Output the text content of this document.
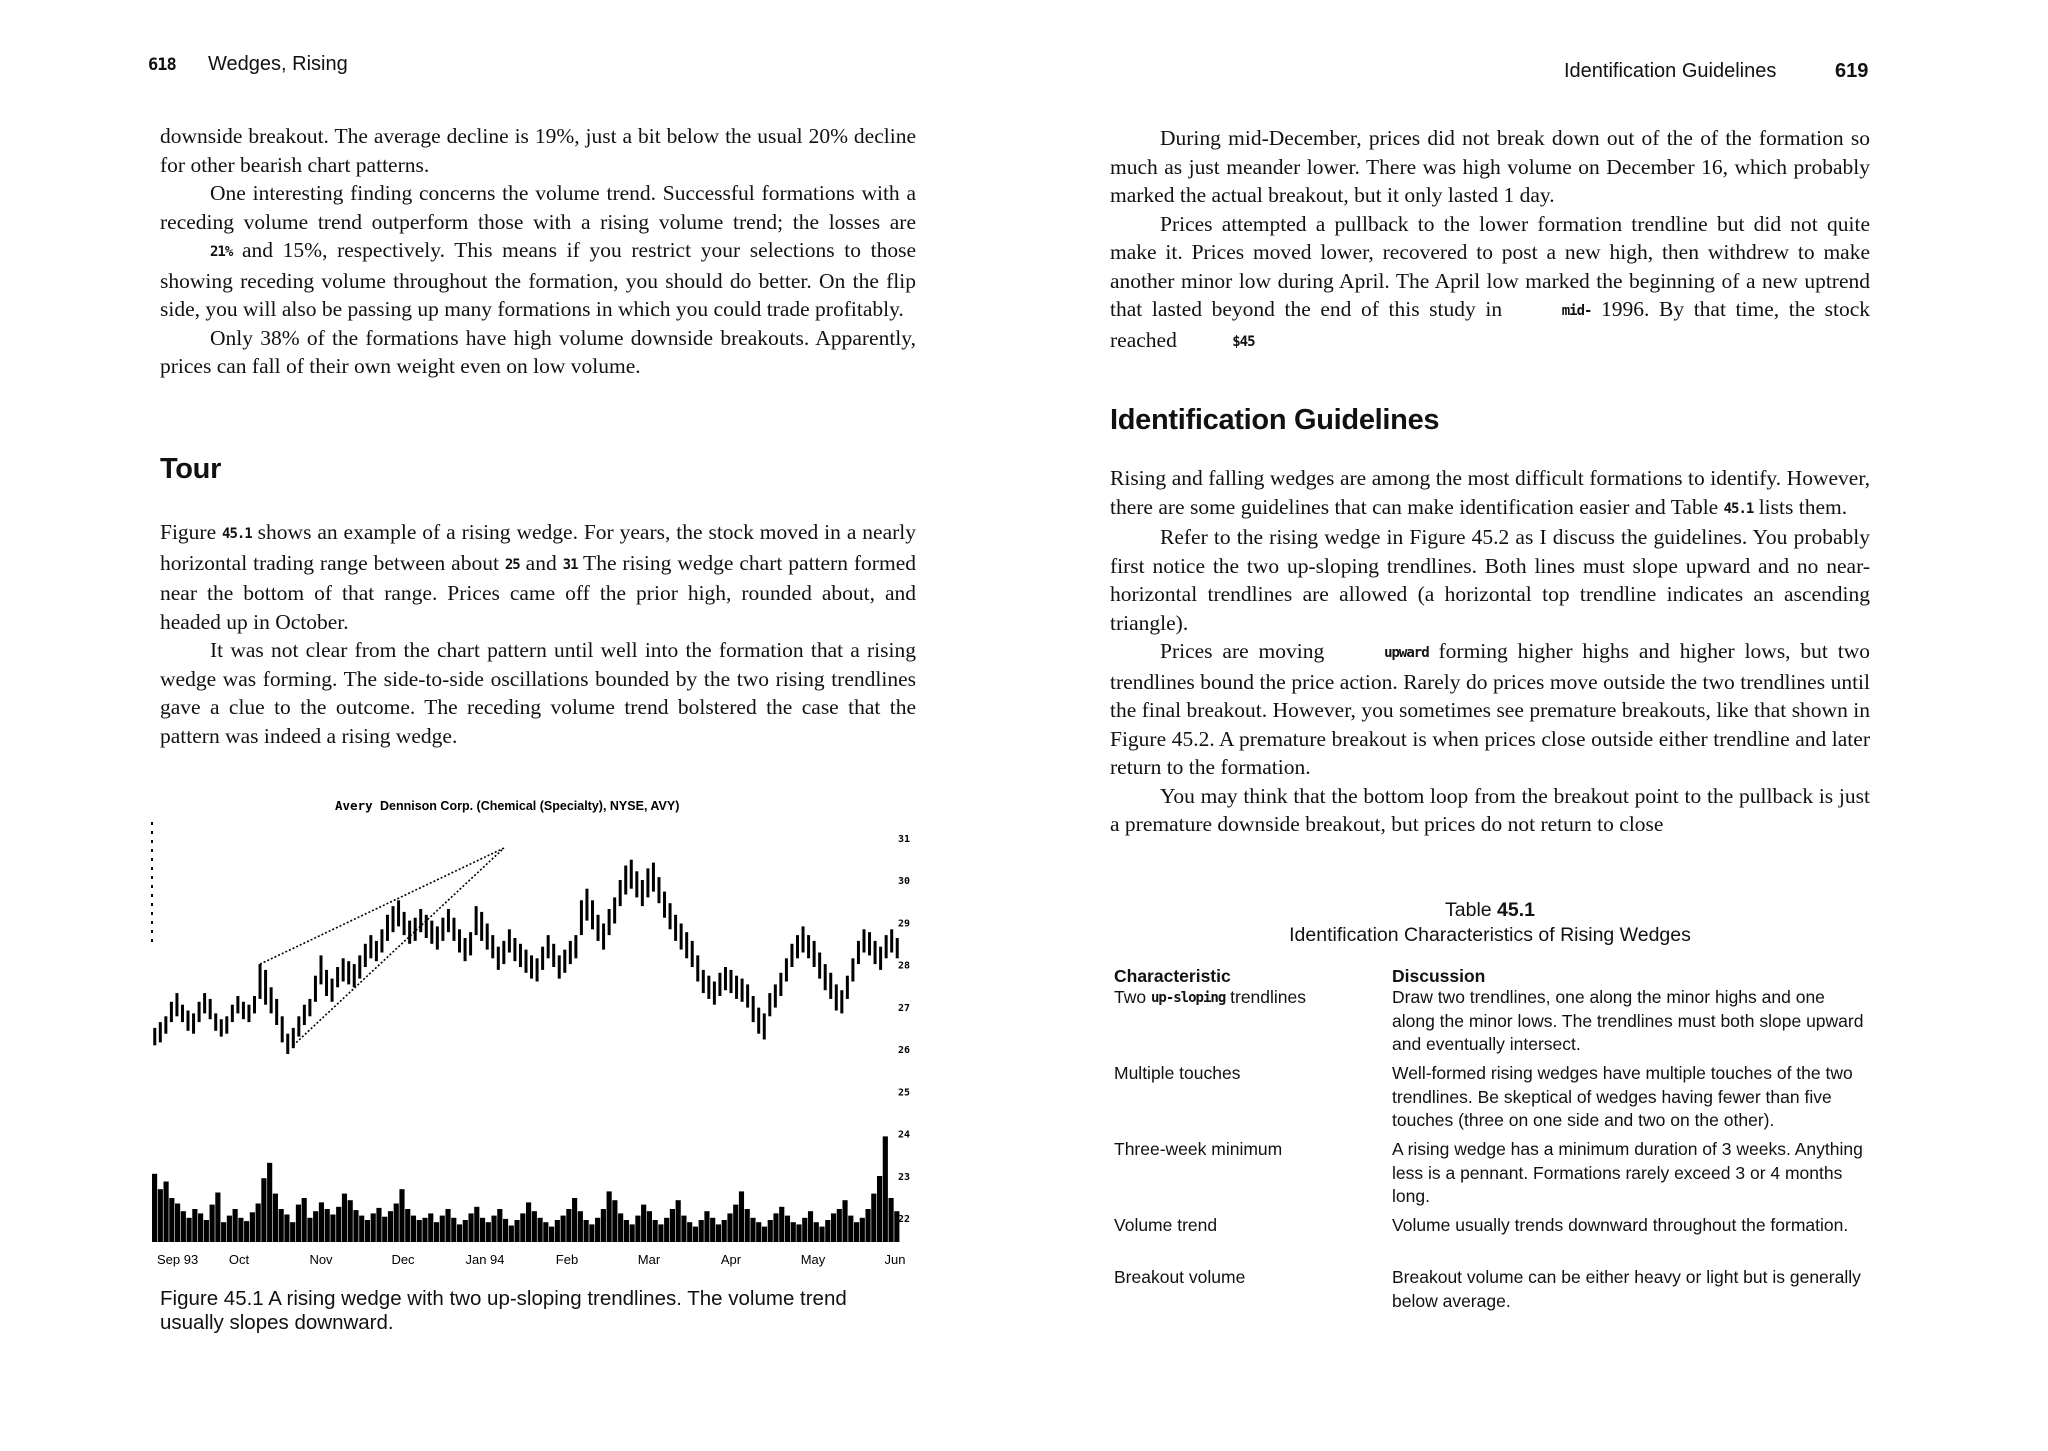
618 Wedges, Rising

downside breakout. The average decline is 19%, just a bit below the usual 20% decline for other bearish chart patterns.

One interesting finding concerns the volume trend. Successful formations with a receding volume trend outperform those with a rising volume trend; the losses are 21% and 15%, respectively. This means if you restrict your selections to those showing receding volume throughout the formation, you should do better. On the flip side, you will also be passing up many formations in which you could trade profitably.

Only 38% of the formations have high volume downside breakouts. Apparently, prices can fall of their own weight even on low volume.

Tour

Figure 45.1 shows an example of a rising wedge. For years, the stock moved in a nearly horizontal trading range between about 25 and 31 The rising wedge chart pattern formed near the bottom of that range. Prices came off the prior high, rounded about, and headed up in October.

It was not clear from the chart pattern until well into the formation that a rising wedge was forming. The side-to-side oscillations bounded by the two rising trendlines gave a clue to the outcome. The receding volume trend bolstered the case that the pattern was indeed a rising wedge.

Avery Dennison Corp. (Chemical (Specialty), NYSE, AVY)
31
30
29
28
27
26
25
24
23
22
Sep 93 Oct	Nov	Dec	Jan 94	Feb	Mar	Apr	May	Jun
Figure 45.1 A rising wedge with two up-sloping trendlines. The volume trend usually slopes downward.
Identification Guidelines	619

During mid-December, prices did not break down out of the of the formation so much as just meander lower. There was high volume on December 16, which probably marked the actual breakout, but it only lasted 1 day.

Prices attempted a pullback to the lower formation trendline but did not quite make it. Prices moved lower, recovered to post a new high, then withdrew to make another minor low during April. The April low marked the beginning of a new uptrend that lasted beyond the end of this study in	mid- 1996. By that time, the stock reached	$45

Identification Guidelines

Rising and falling wedges are among the most difficult formations to identify. However, there are some guidelines that can make identification easier and Table 45.1 lists them.

Refer to the rising wedge in Figure 45.2 as I discuss the guidelines. You probably first notice the two up-sloping trendlines. Both lines must slope upward and no near-horizontal trendlines are allowed (a horizontal top trendline indicates an ascending triangle).

Prices are moving	upward forming higher highs and higher lows, but two trendlines bound the price action. Rarely do prices move outside the two trendlines until the final breakout. However, you sometimes see premature breakouts, like that shown in Figure 45.2. A premature breakout is when prices close outside either trendline and later return to the formation.

You may think that the bottom loop from the breakout point to the pullback is just a premature downside breakout, but prices do not return to close

Table 45.1
Identification Characteristics of Rising Wedges
Characteristic	Discussion
Two up-sloping trendlines	Draw two trendlines, one along the minor highs and one along the minor lows. The trendlines must both slope upward and eventually intersect.
Multiple touches	Well-formed rising wedges have multiple touches of the two trendlines. Be skeptical of wedges having fewer than five touches (three on one side and two on the other).
Three-week minimum	A rising wedge has a minimum duration of 3 weeks. Anything less is a pennant. Formations rarely exceed 3 or 4 months long.
Volume trend	Volume usually trends downward throughout the formation.
Breakout volume	Breakout volume can be either heavy or light but is generally below average.
